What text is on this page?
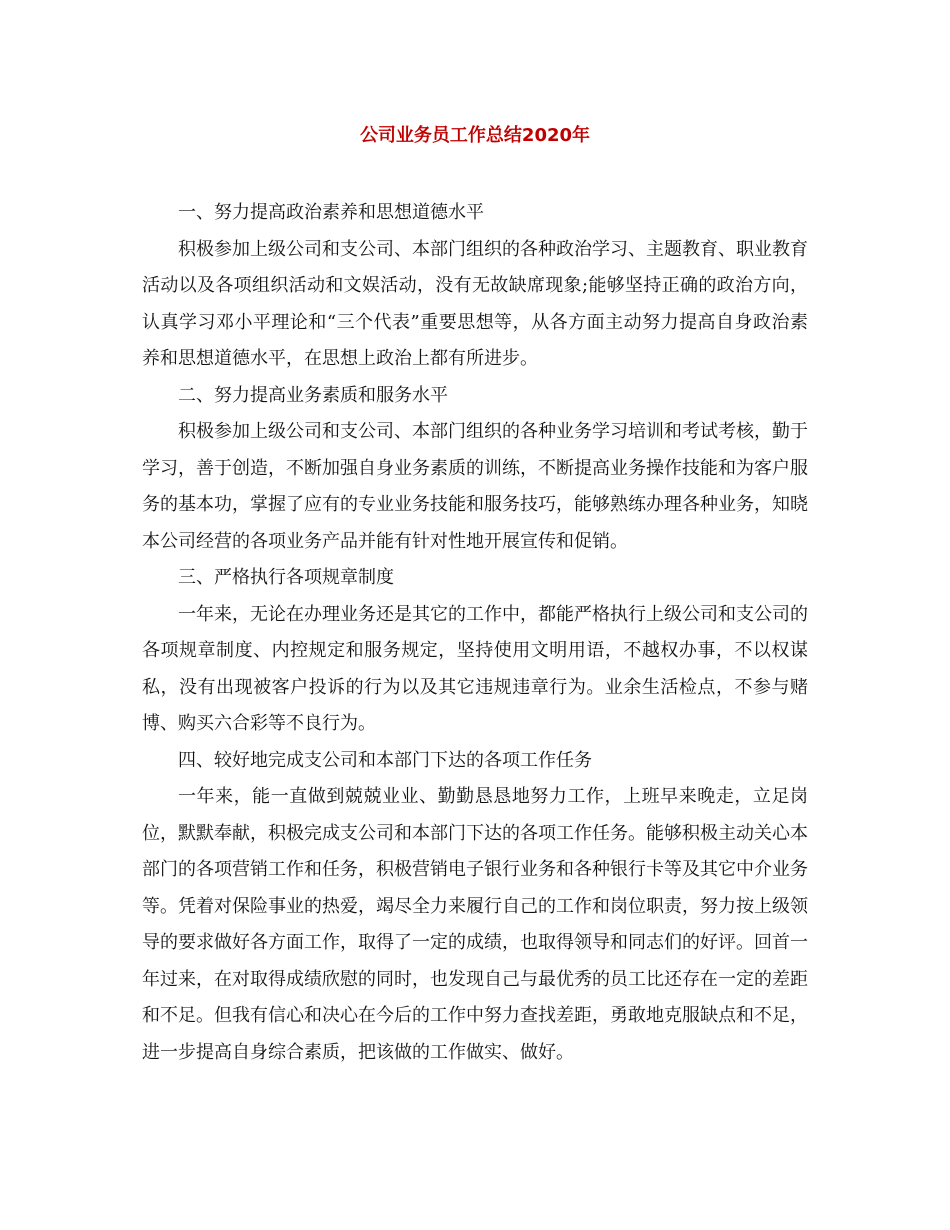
公司业务员工作总结2020年

一、努力提高政治素养和思想道德水平

积极参加上级公司和支公司、本部门组织的各种政治学习、主题教育、职业教育活动以及各项组织活动和文娱活动，没有无故缺席现象;能够坚持正确的政治方向，认真学习邓小平理论和“三个代表”重要思想等，从各方面主动努力提高自身政治素养和思想道德水平，在思想上政治上都有所进步。

二、努力提高业务素质和服务水平

积极参加上级公司和支公司、本部门组织的各种业务学习培训和考试考核，勤于学习，善于创造，不断加强自身业务素质的训练，不断提高业务操作技能和为客户服务的基本功，掌握了应有的专业业务技能和服务技巧，能够熟练办理各种业务，知晓本公司经营的各项业务产品并能有针对性地开展宣传和促销。

三、严格执行各项规章制度

一年来，无论在办理业务还是其它的工作中，都能严格执行上级公司和支公司的各项规章制度、内控规定和服务规定，坚持使用文明用语，不越权办事，不以权谋私，没有出现被客户投诉的行为以及其它违规违章行为。业余生活检点，不参与赌博、购买六合彩等不良行为。

四、较好地完成支公司和本部门下达的各项工作任务

一年来，能一直做到兢兢业业、勤勤恳恳地努力工作，上班早来晚走，立足岗位，默默奉献，积极完成支公司和本部门下达的各项工作任务。能够积极主动关心本部门的各项营销工作和任务，积极营销电子银行业务和各种银行卡等及其它中介业务等。凭着对保险事业的热爱，竭尽全力来履行自己的工作和岗位职责，努力按上级领导的要求做好各方面工作，取得了一定的成绩，也取得领导和同志们的好评。回首一年过来，在对取得成绩欣慰的同时，也发现自己与最优秀的员工比还存在一定的差距和不足。但我有信心和决心在今后的工作中努力查找差距，勇敢地克服缺点和不足，进一步提高自身综合素质，把该做的工作做实、做好。
